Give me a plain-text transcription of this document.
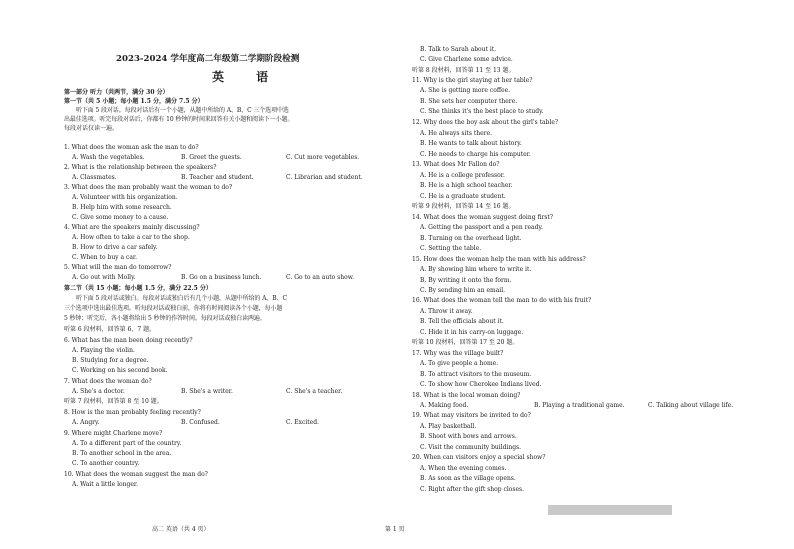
2023-2024 学年度高二年级第二学期阶段检测
英 语
第一部分 听力（共两节，满分 30 分）
第一节（共 5 小题；每小题 1.5 分，满分 7.5 分）
听下面 5 段对话。每段对话后有一个小题，从题中所给的 A、B、C 三个选项中选
出最佳选项。听完每段对话后，你都有 10 秒钟的时间来回答有关小题和阅读下一小题。
每段对话仅读一遍。
1. What does the woman ask the man to do?
A. Wash the vegetables.	B. Greet the guests.	C. Cut more vegetables.
2. What is the relationship between the speakers?
A. Classmates.	B. Teacher and student.	C. Librarian and student.
3. What does the man probably want the woman to do?
A. Volunteer with his organization.
B. Help him with some research.
C. Give some money to a cause.
4. What are the speakers mainly discussing?
A. How often to take a car to the shop.
B. How to drive a car safely.
C. When to buy a car.
5. What will the man do tomorrow?
A. Go out with Molly.	B. Go on a business lunch.	C. Go to an auto show.
第二节（共 15 小题；每小题 1.5 分，满分 22.5 分）
听下面 5 段对话或独白。每段对话或独白后有几个小题，从题中所给的 A、B、C
三个选项中选出最佳选项。听每段对话或独白前，你将有时间阅读各个小题，每小题
5 秒钟；听完后，各小题将给出 5 秒钟的作答时间。每段对话或独白读两遍。
听第 6 段材料，回答第 6、7 题。
6. What has the man been doing recently?
A. Playing the violin.
B. Studying for a degree.
C. Working on his second book.
7. What does the woman do?
A. She's a doctor.	B. She's a writer.	C. She's a teacher.
听第 7 段材料，回答第 8 至 10 题。
8. How is the man probably feeling recently?
A. Angry.	B. Confused.	C. Excited.
9. Where might Charlene move?
A. To a different part of the country.
B. To another school in the area.
C. To another country.
10. What does the woman suggest the man do?
A. Wait a little longer.
B. Talk to Sarah about it.
C. Give Charlene some advice.
听第 8 段材料，回答第 11 至 13 题。
11. Why is the girl staying at her table?
A. She is getting more coffee.
B. She sets her computer there.
C. She thinks it's the best place to study.
12. Why does the boy ask about the girl's table?
A. He always sits there.
B. He wants to talk about history.
C. He needs to charge his computer.
13. What does Mr Fallon do?
A. He is a college professor.
B. He is a high school teacher.
C. He is a graduate student.
听第 9 段材料，回答第 14 至 16 题。
14. What does the woman suggest doing first?
A. Getting the passport and a pen ready.
B. Turning on the overhead light.
C. Setting the table.
15. How does the woman help the man with his address?
A. By showing him where to write it.
B. By writing it onto the form.
C. By sending him an email.
16. What does the woman tell the man to do with his fruit?
A. Throw it away.
B. Tell the officials about it.
C. Hide it in his carry-on luggage.
听第 10 段材料，回答第 17 至 20 题。
17. Why was the village built?
A. To give people a home.
B. To attract visitors to the museum.
C. To show how Cherokee Indians lived.
18. What is the local woman doing?
A. Making food.	B. Playing a traditional game.	C. Talking about village life.
19. What may visitors be invited to do?
A. Play basketball.
B. Shoot with bows and arrows.
C. Visit the community buildings.
20. When can visitors enjoy a special show?
A. When the evening comes.
B. As soon as the village opens.
C. Right after the gift shop closes.
高二 英语（共 4 页）	第 1 页
